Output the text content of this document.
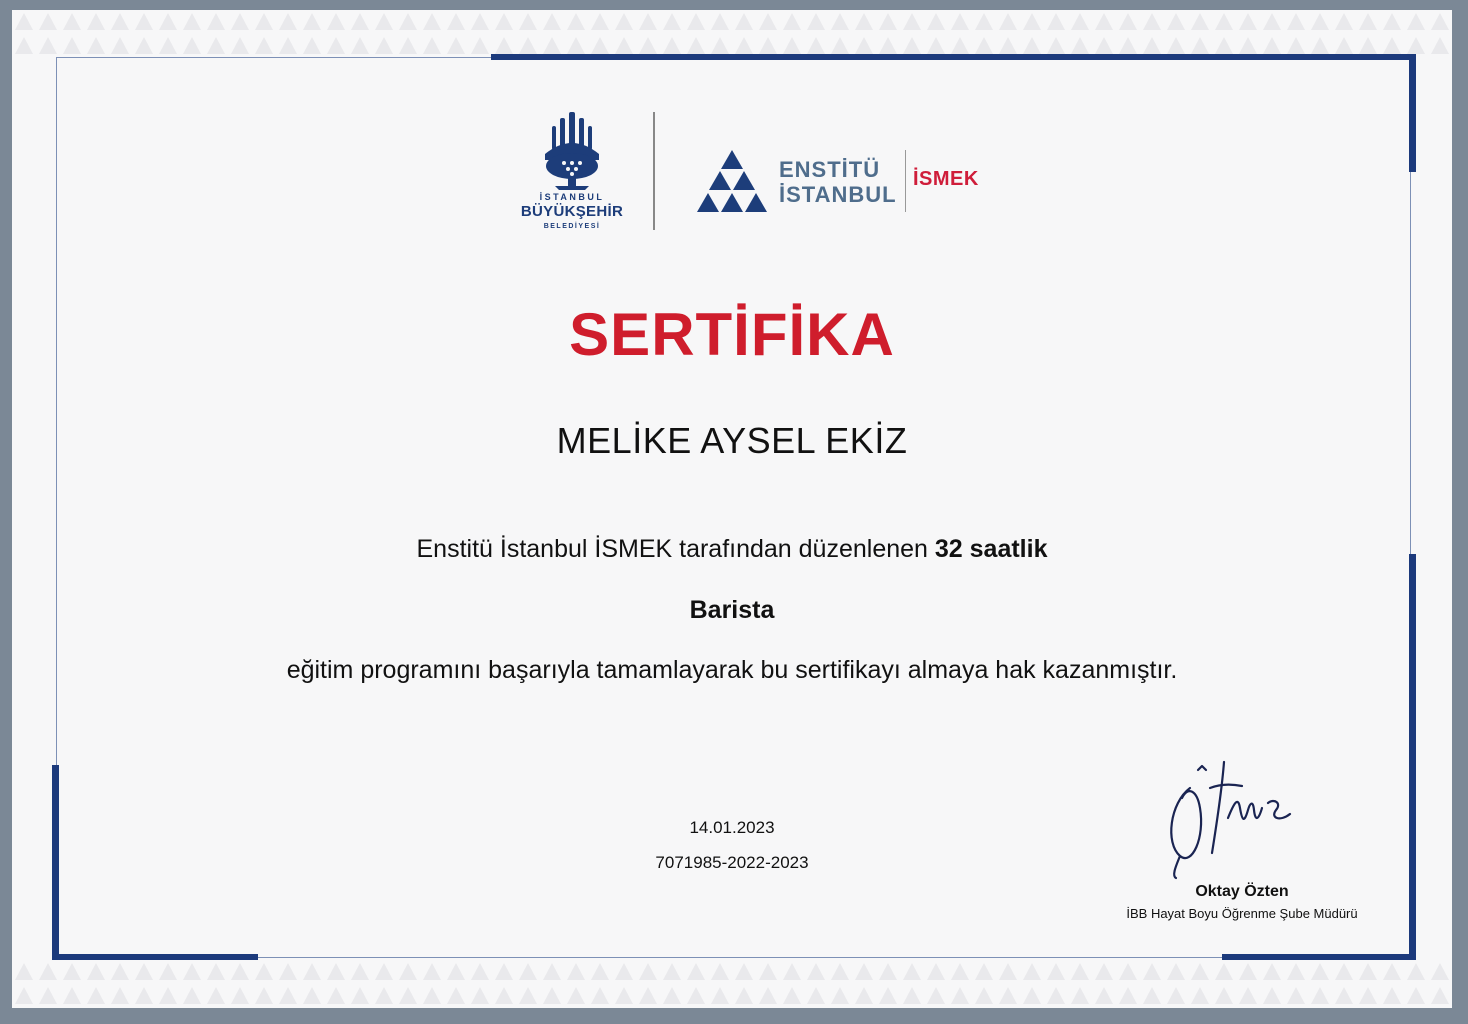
İSTANBUL
BÜYÜKŞEHİR
BELEDİYESİ
ENSTİTÜ
İSTANBUL
İSMEK
SERTİFİKA
MELİKE AYSEL EKİZ
Enstitü İstanbul İSMEK tarafından düzenlenen 32 saatlik
Barista
eğitim programını başarıyla tamamlayarak bu sertifikayı almaya hak kazanmıştır.
14.01.2023
7071985-2022-2023
Oktay Özten
İBB Hayat Boyu Öğrenme Şube Müdürü
